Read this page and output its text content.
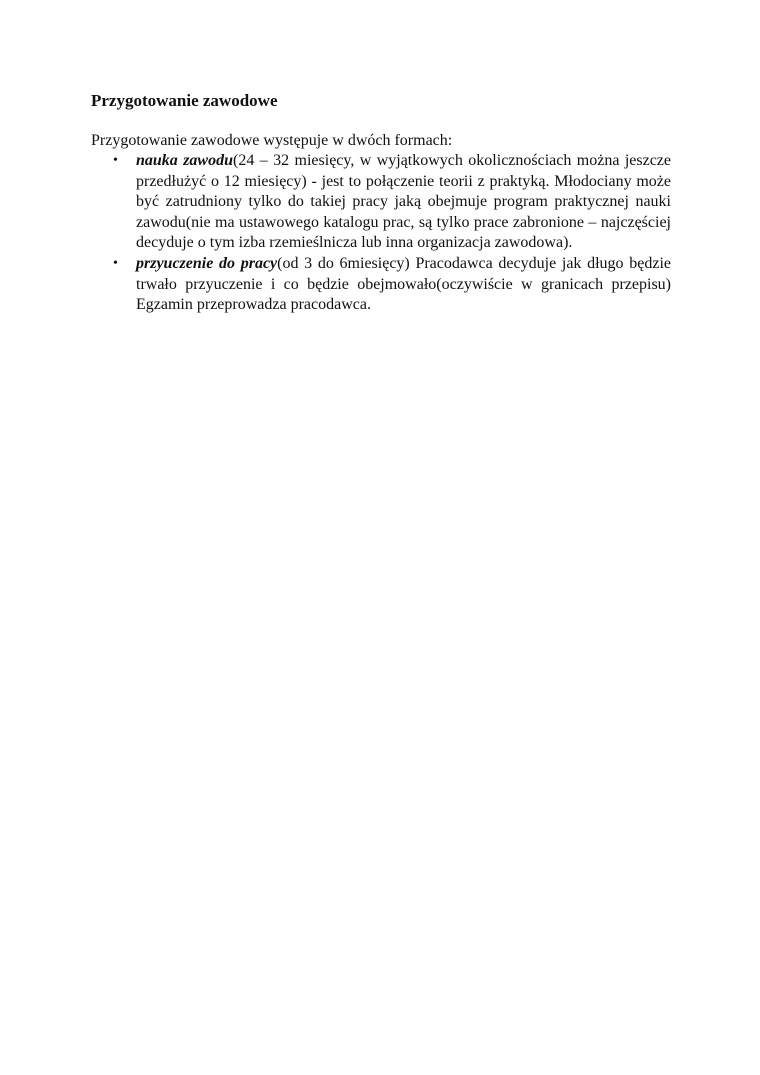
Przygotowanie zawodowe

Przygotowanie zawodowe występuje w dwóch formach:

• nauka zawodu(24 – 32 miesięcy, w wyjątkowych okolicznościach można jeszcze przedłużyć o 12 miesięcy) - jest to połączenie teorii z praktyką. Młodociany może być zatrudniony tylko do takiej pracy jaką obejmuje program praktycznej nauki zawodu(nie ma ustawowego katalogu prac, są tylko prace zabronione – najczęściej decyduje o tym izba rzemieślnicza lub inna organizacja zawodowa).
• przyuczenie do pracy(od 3 do 6miesięcy) Pracodawca decyduje jak długo będzie trwało przyuczenie i co będzie obejmowało(oczywiście w granicach przepisu) Egzamin przeprowadza pracodawca.
